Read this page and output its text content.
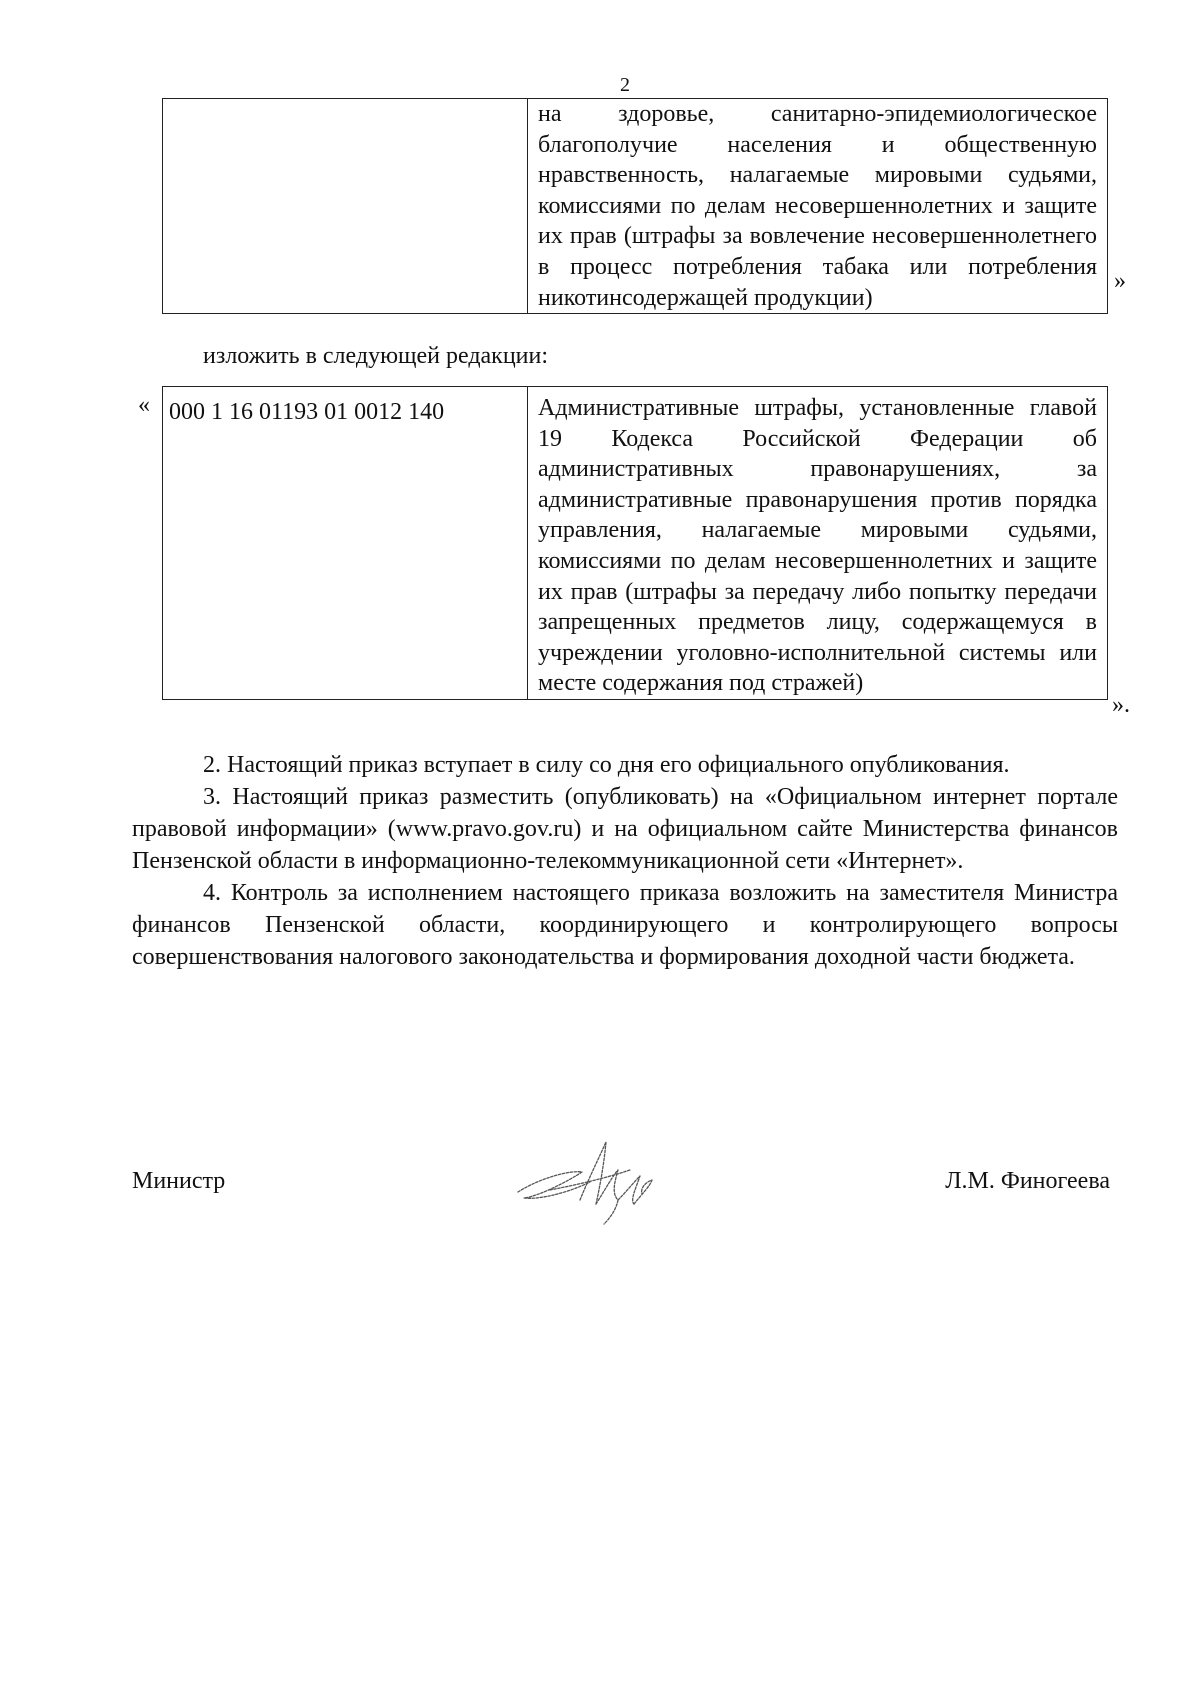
2
	на здоровье, санитарно-эпидемиологическое благополучие населения и общественную нравственность, налагаемые мировыми судьями, комиссиями по делам несовершеннолетних и защите их прав (штрафы за вовлечение несовершеннолетнего в процесс потребления табака или потребления никотинсодержащей продукции)
»
изложить в следующей редакции:
« 000 1 16 01193 01 0012 140	Административные штрафы, установленные главой 19 Кодекса Российской Федерации об административных правонарушениях, за административные правонарушения против порядка управления, налагаемые мировыми судьями, комиссиями по делам несовершеннолетних и защите их прав (штрафы за передачу либо попытку передачи запрещенных предметов лицу, содержащемуся в учреждении уголовно-исполнительной системы или месте содержания под стражей)
».

2. Настоящий приказ вступает в силу со дня его официального опубликования.

3. Настоящий приказ разместить (опубликовать) на «Официальном интернет портале правовой информации» (www.pravo.gov.ru) и на официальном сайте Министерства финансов Пензенской области в информационно-телекоммуникационной сети «Интернет».

4. Контроль за исполнением настоящего приказа возложить на заместителя Министра финансов Пензенской области, координирующего и контролирующего вопросы совершенствования налогового законодательства и формирования доходной части бюджета.

Министр	Л.М. Финогеева
